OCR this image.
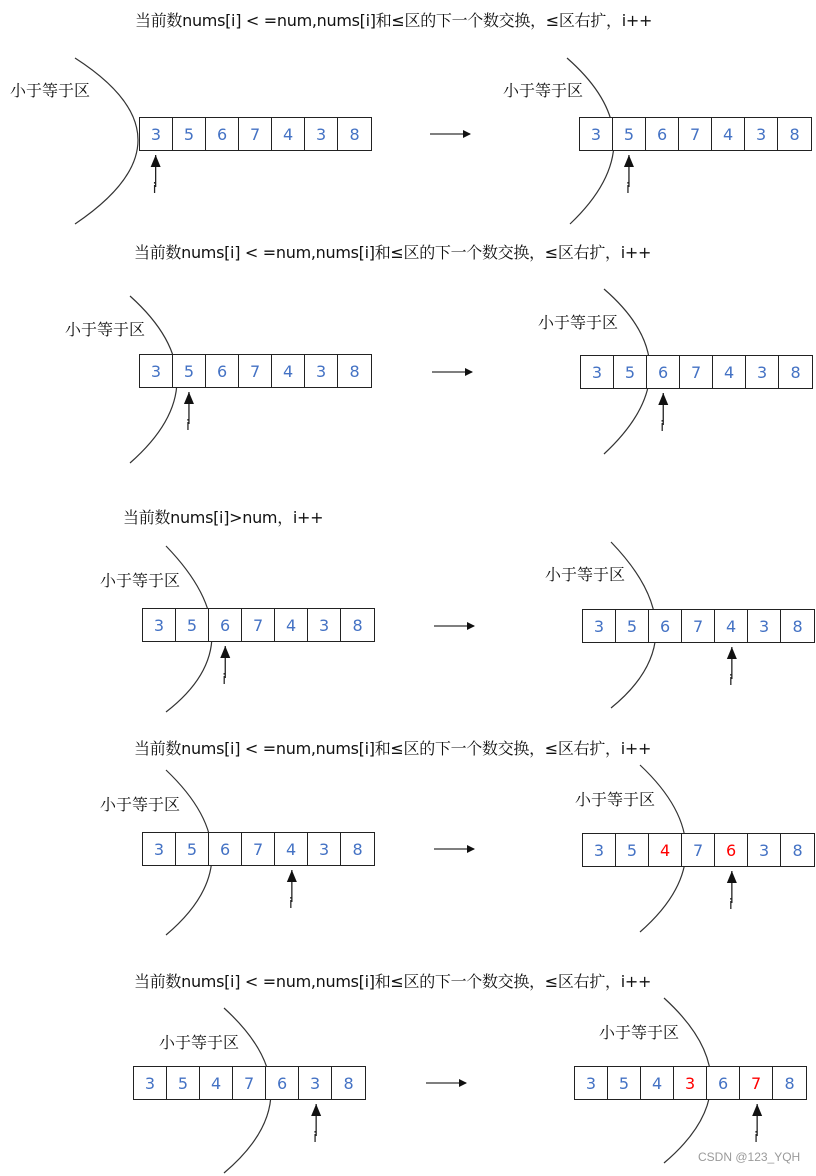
CSDN @123_YQH
当前数nums[i] < =num,nums[i]和≤区的下一个数交换，≤区右扩，i++
小于等于区
3	5	6	7	4	3	8
i
小于等于区
3	5	6	7	4	3	8
i
当前数nums[i] < =num,nums[i]和≤区的下一个数交换，≤区右扩，i++
小于等于区
3	5	6	7	4	3	8
i
小于等于区
3	5	6	7	4	3	8
i
当前数nums[i]>num，i++
小于等于区
3	5	6	7	4	3	8
i
小于等于区
3	5	6	7	4	3	8
i
当前数nums[i] < =num,nums[i]和≤区的下一个数交换，≤区右扩，i++
小于等于区
3	5	6	7	4	3	8
i
小于等于区
3	5	4	7	6	3	8
i
当前数nums[i] < =num,nums[i]和≤区的下一个数交换，≤区右扩，i++
小于等于区
3	5	4	7	6	3	8
i
小于等于区
3	5	4	3	6	7	8
i
